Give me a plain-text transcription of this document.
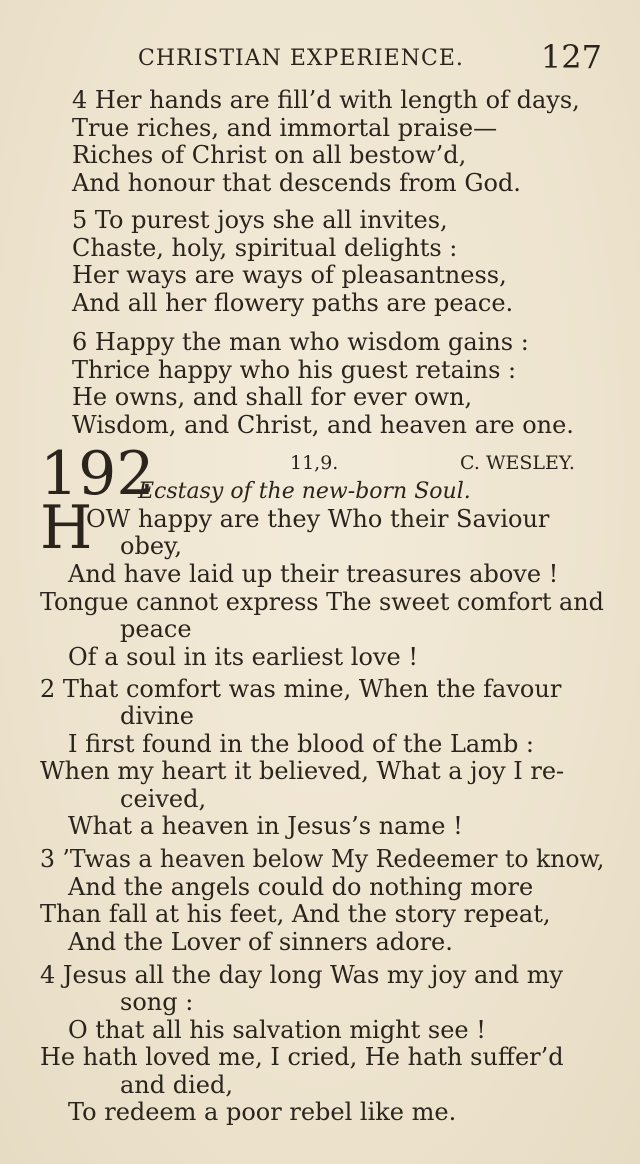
CHRISTIAN EXPERIENCE. 127
4 Her hands are fill’d with length of days,
True riches, and immortal praise—
Riches of Christ on all bestow’d,
And honour that descends from God.
5 To purest joys she all invites,
Chaste, holy, spiritual delights :
Her ways are ways of pleasantness,
And all her flowery paths are peace.
6 Happy the man who wisdom gains :
Thrice happy who his guest retains :
He owns, and shall for ever own,
Wisdom, and Christ, and heaven are one.
192	11,9.	C. WESLEY.
Ecstasy of the new-born Soul.
H
OW happy are they Who their Saviour
obey,
And have laid up their treasures above !
Tongue cannot express The sweet comfort and
peace
Of a soul in its earliest love !
2 That comfort was mine, When the favour
divine
I first found in the blood of the Lamb :
When my heart it believed, What a joy I re-
ceived,
What a heaven in Jesus’s name !
3 ’Twas a heaven below My Redeemer to know,
And the angels could do nothing more
Than fall at his feet, And the story repeat,
And the Lover of sinners adore.
4 Jesus all the day long Was my joy and my
song :
O that all his salvation might see !
He hath loved me, I cried, He hath suffer’d
and died,
To redeem a poor rebel like me.
